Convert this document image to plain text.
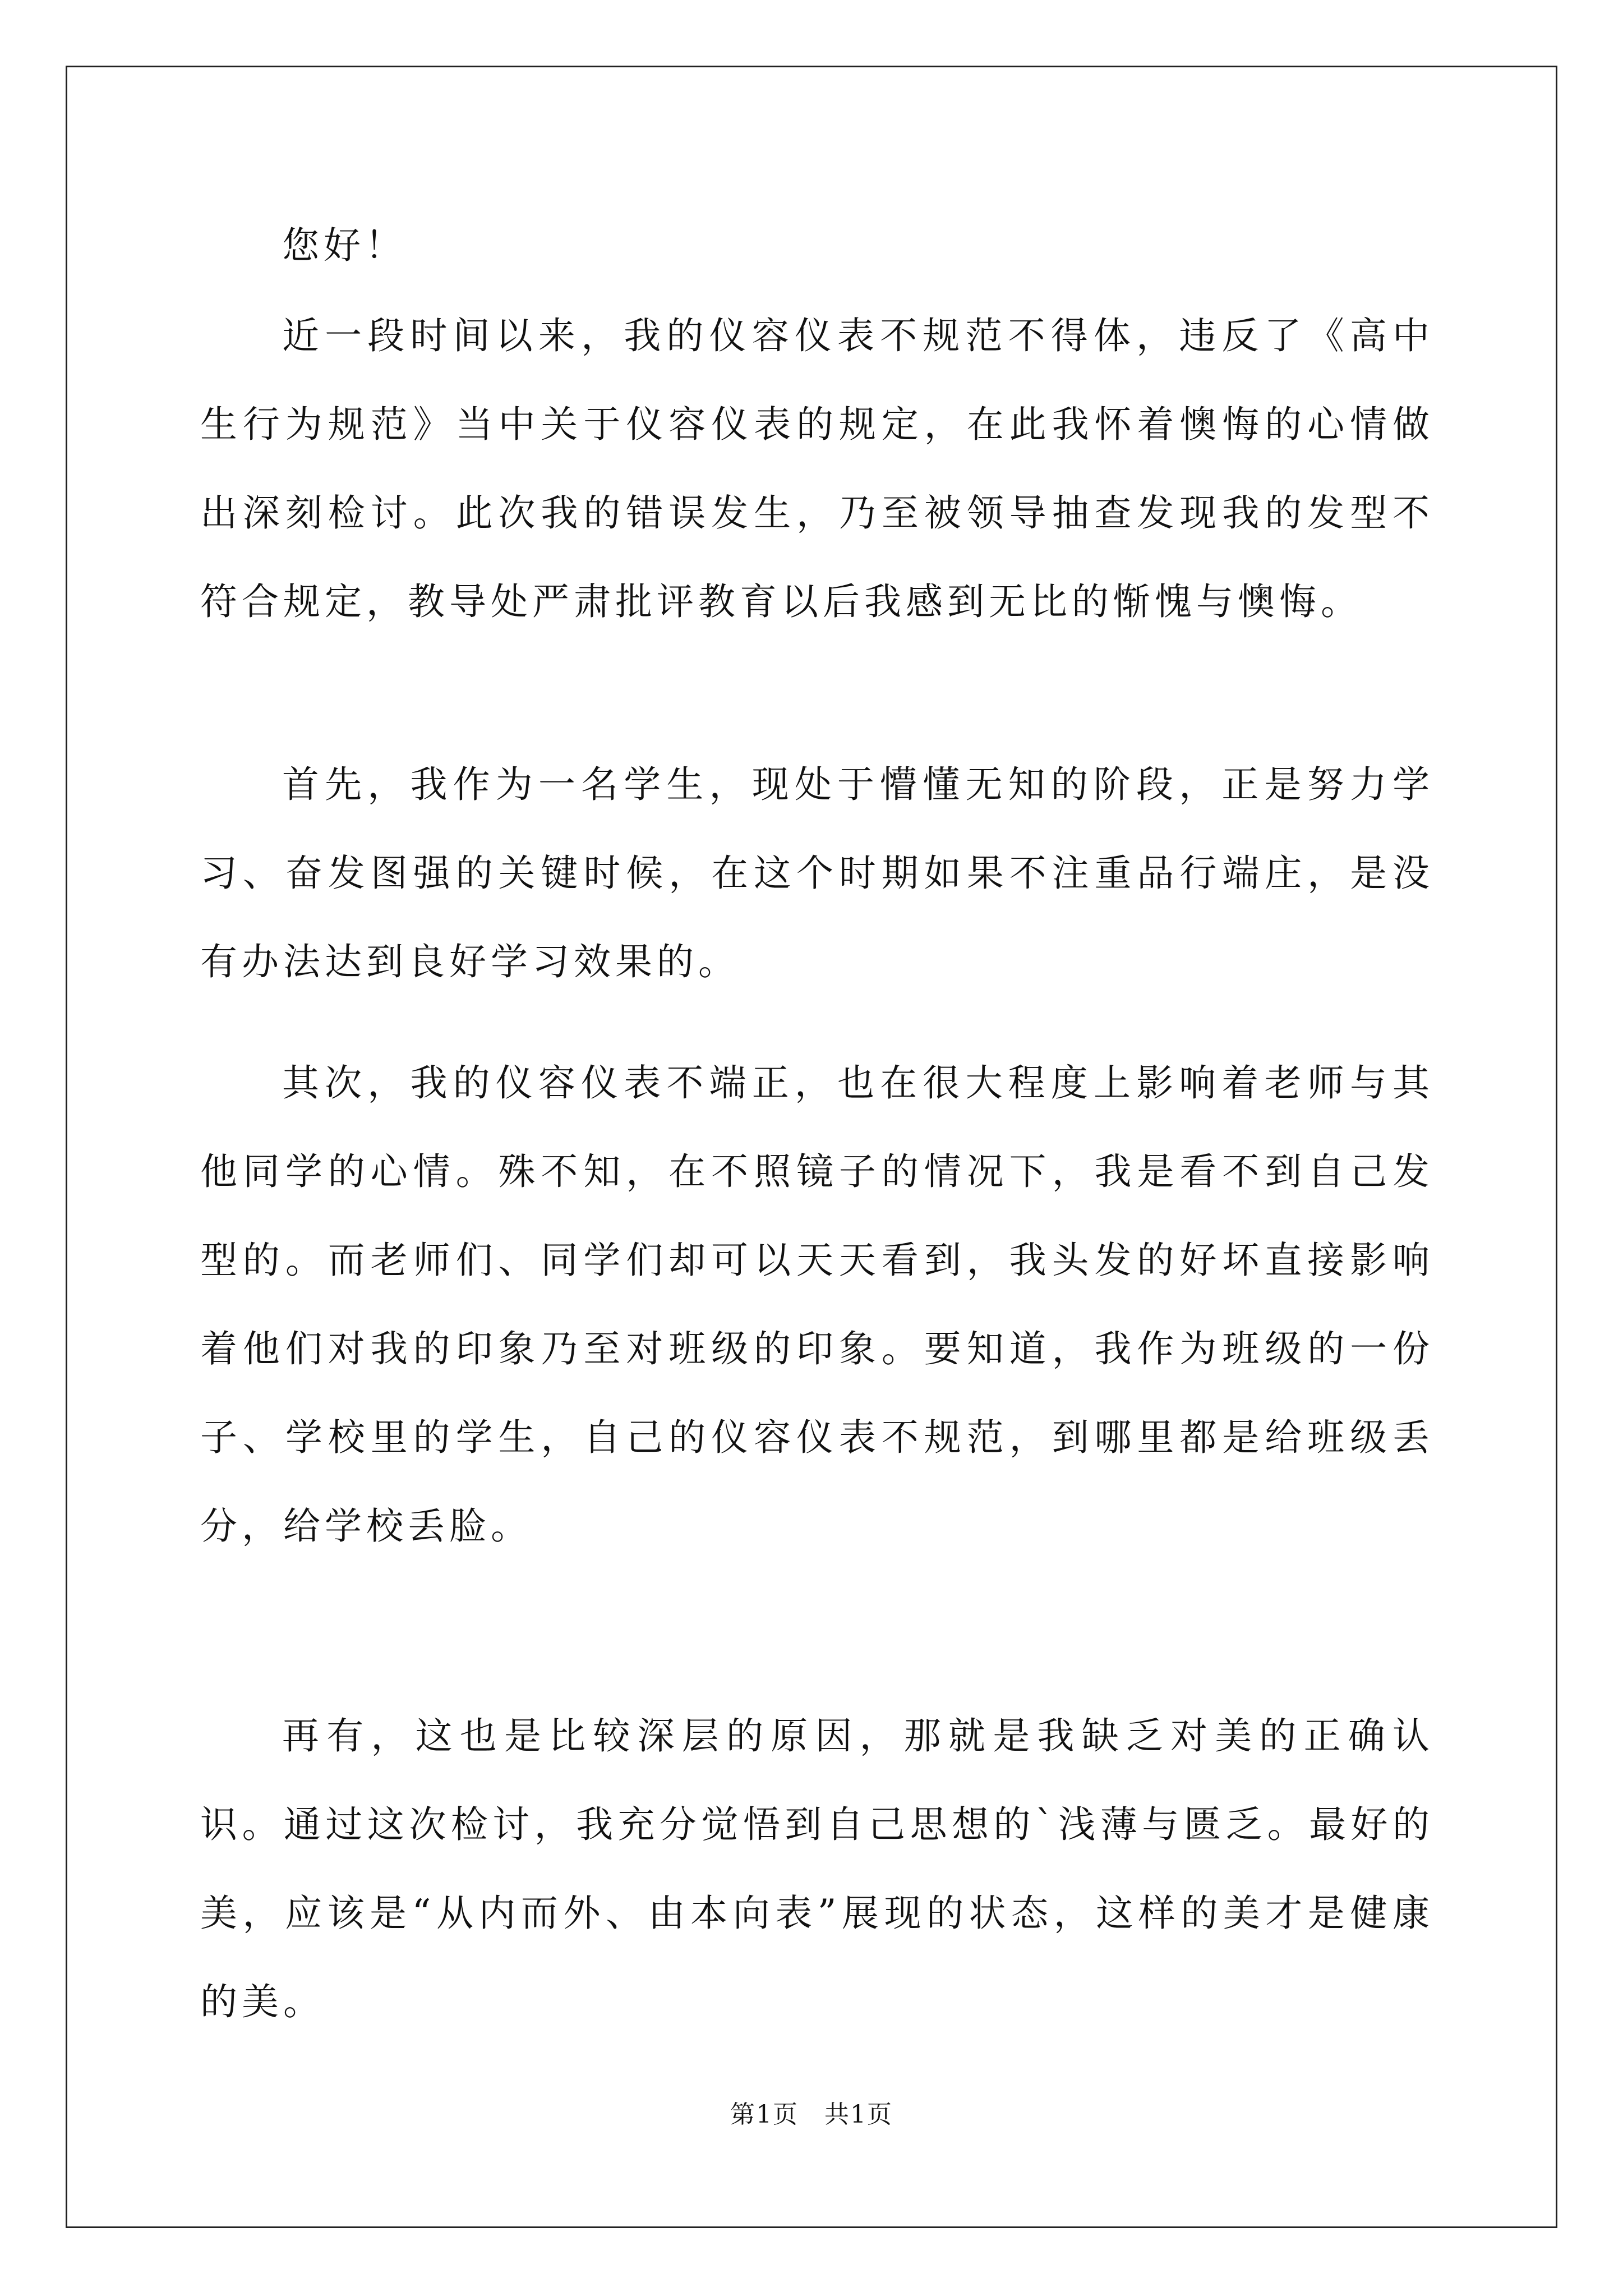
您好！

近一段时间以来，我的仪容仪表不规范不得体，违反了《高中生行为规范》当中关于仪容仪表的规定，在此我怀着懊悔的心情做出深刻检讨。此次我的错误发生，乃至被领导抽查发现我的发型不符合规定，教导处严肃批评教育以后我感到无比的惭愧与懊悔。

首先，我作为一名学生，现处于懵懂无知的阶段，正是努力学习、奋发图强的关键时候，在这个时期如果不注重品行端庄，是没有办法达到良好学习效果的。

其次，我的仪容仪表不端正，也在很大程度上影响着老师与其他同学的心情。殊不知，在不照镜子的情况下，我是看不到自己发型的。而老师们、同学们却可以天天看到，我头发的好坏直接影响着他们对我的印象乃至对班级的印象。要知道，我作为班级的一份子、学校里的学生，自己的仪容仪表不规范，到哪里都是给班级丢分，给学校丢脸。

再有，这也是比较深层的原因，那就是我缺乏对美的正确认识。通过这次检讨，我充分觉悟到自己思想的`浅薄与匮乏。最好的美，应该是“从内而外、由本向表”展现的状态，这样的美才是健康的美。

第1页　共1页
